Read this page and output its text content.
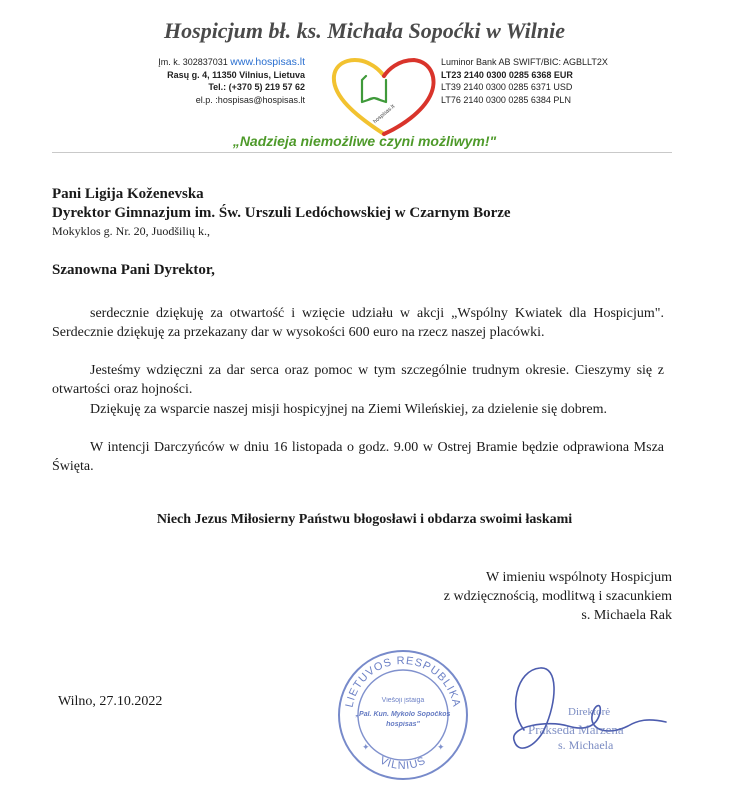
Hospicjum bł. ks. Michała Sopoćki w Wilnie
Įm. k. 302837031 www.hospisas.lt
Rasų g. 4, 11350 Vilnius, Lietuva
Tel.: (+370 5) 219 57 62
el.p. :hospisas@hospisas.lt
hospisas.lt
Luminor Bank AB SWIFT/BIC: AGBLLT2X
LT23 2140 0300 0285 6368 EUR
LT39 2140 0300 0285 6371 USD
LT76 2140 0300 0285 6384 PLN
„Nadzieja niemożliwe czyni możliwym!"
Pani Ligija Koženevska
Dyrektor Gimnazjum im. Św. Urszuli Ledóchowskiej w Czarnym Borze
Mokyklos g. Nr. 20, Juodšilių k.,
Szanowna Pani Dyrektor,
serdecznie dziękuję za otwartość i wzięcie udziału w akcji „Wspólny Kwiatek dla Hospicjum". Serdecznie dziękuję za przekazany dar w wysokości 600 euro na rzecz naszej placówki.
Jesteśmy wdzięczni za dar serca oraz pomoc w tym szczególnie trudnym okresie. Cieszymy się z otwartości oraz hojności.
Dziękuję za wsparcie naszej misji hospicyjnej na Ziemi Wileńskiej, za dzielenie się dobrem.
W intencji Darczyńców w dniu 16 listopada o godz. 9.00 w Ostrej Bramie będzie odprawiona Msza Święta.
Niech Jezus Miłosierny Państwu błogosławi i obdarza swoimi łaskami
W imieniu wspólnoty Hospicjum
z wdzięcznością, modlitwą i szacunkiem
s. Michaela Rak
Wilno, 27.10.2022	LIETUVOS RESPUBLIKA
VILNIUS
Viešoji įstaiga
„Pal. Kun. Mykolo Sopočkos
hospisas"
✦	✦
Direktorė
Prakseda Marzena
s. Michaela
